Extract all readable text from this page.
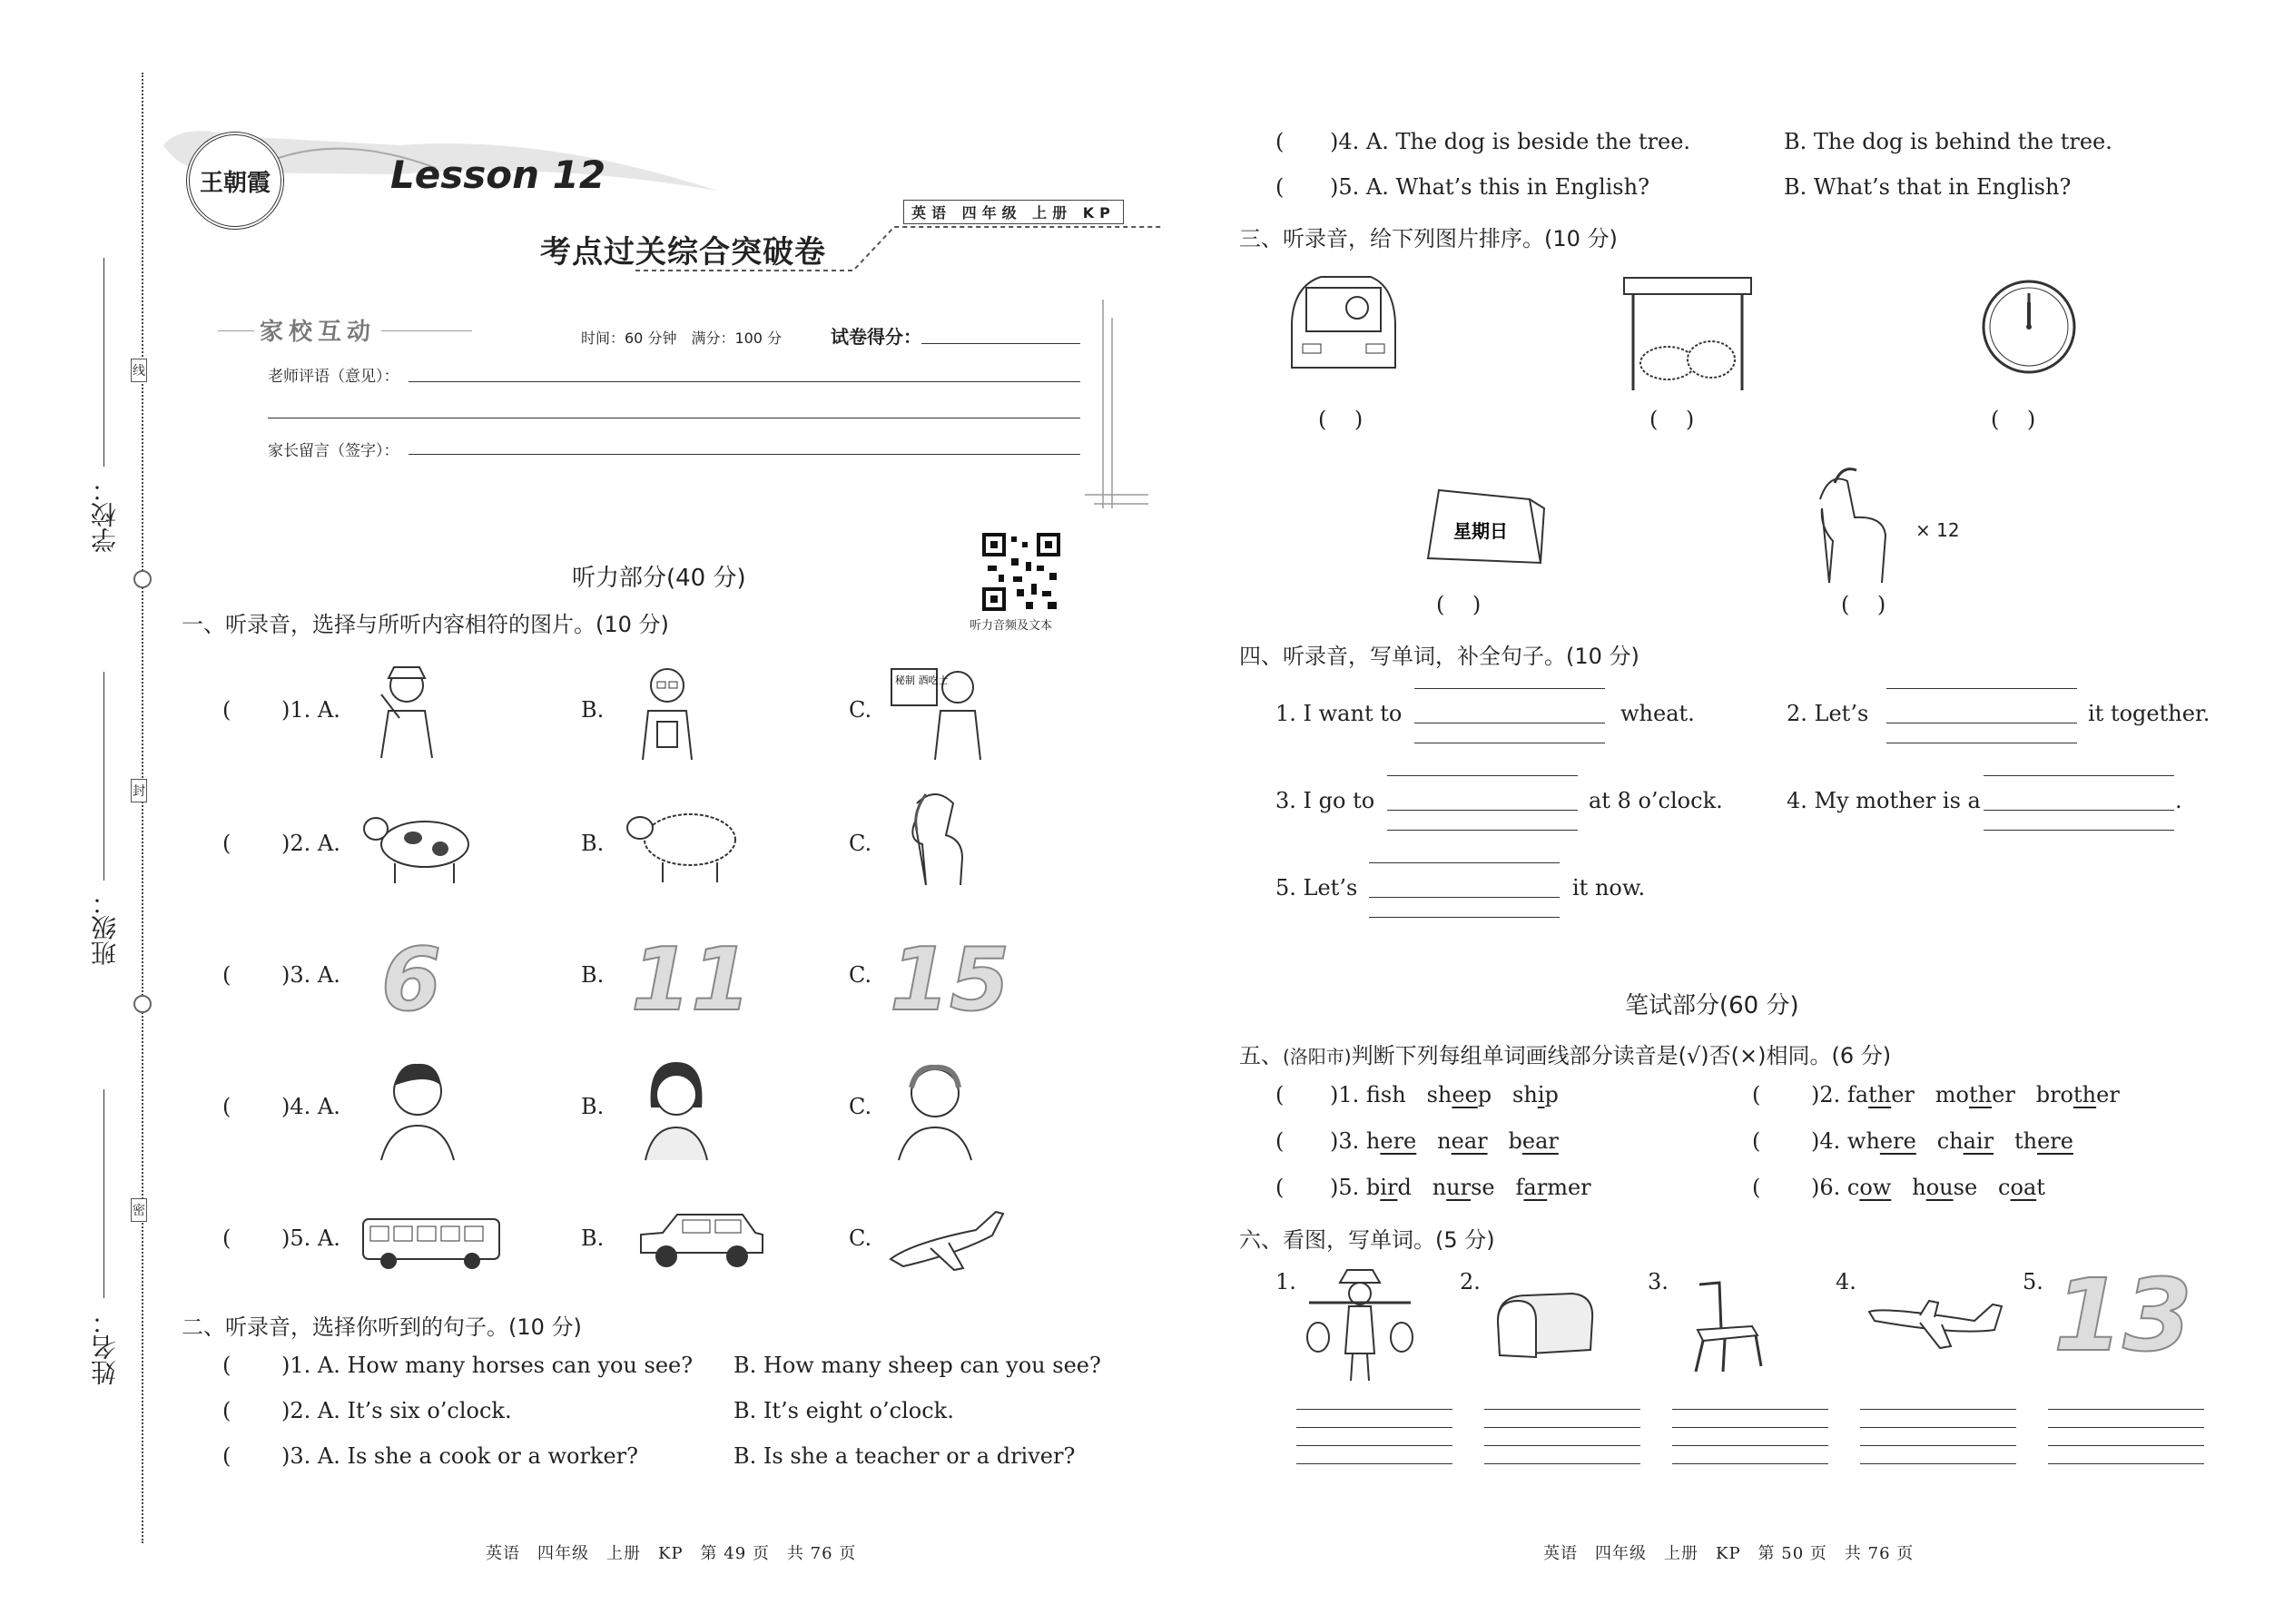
线
封
密
学校：
班级：
姓名：
王朝霞	Lesson 12
考点过关综合突破卷
英语 四年级 上册 KP
家校互动	时间：60 分钟　满分：100 分	试卷得分：
老师评语（意见）：
家长留言（签字）：
听力部分(40 分)
听力音频及文本
一、听录音，选择与所听内容相符的图片。(10 分)
( )1. A.	B.	C.
秘制 酒吃士
( )2. A.	B.	C.
( )3. A. 6	B. 11	C. 15
( )4. A.	B.	C.
( )5. A.	B.	C.
二、听录音，选择你听到的句子。(10 分)
( )1. A. How many horses can you see? B. How many sheep can you see?
( )2. A. It’s six o’clock.	B. It’s eight o’clock.
( )3. A. Is she a cook or a worker?	B. Is she a teacher or a driver?
( )4. A. The dog is beside the tree.	B. The dog is behind the tree.
( )5. A. What’s this in English?	B. What’s that in English?
三、听录音，给下列图片排序。(10 分)
(    )	(    )	(    )
星期日
(    )
× 12
(    )
四、听录音，写单词，补全句子。(10 分)
1. I want to	wheat.	2. Let’s	it together.
3. I go to	at 8 o’clock.	4. My mother is a	.
5. Let’s	it now.
笔试部分(60 分)
五、(洛阳市)判断下列每组单词画线部分读音是(√)否(×)相同。(6 分)
( )1. fsh sheep ship	( )2. father mother brother
( )3. here near bear	( )4. where chair there
( )5. bird nurse farmer	( )6. cow house coat
六、看图，写单词。(5 分)
1.	2.	3.	4.	5. 13
英语　四年级　上册　KP　第 49 页　共 76 页	英语　四年级　上册　KP　第 50 页　共 76 页
